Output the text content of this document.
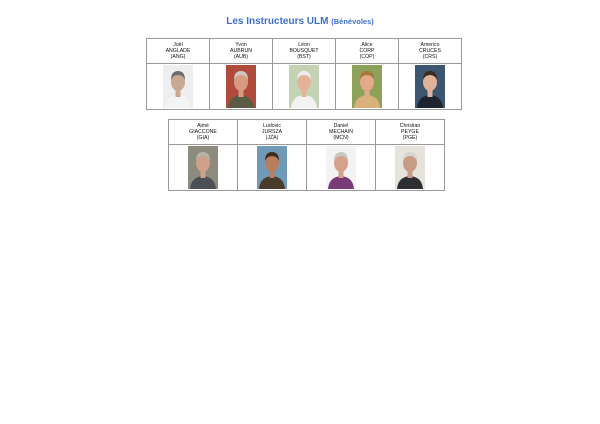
Les Instructeurs ULM (Bénévoles)
Joël
ANGLADE
(ANG)	Yvon
AUBRUN
(AUB)	Léon
BOUSQUET
(BST)	Alice
CORP
(COP)	Americo
CRUCES
(CRS)

Aimé
GIACCONE
(GIA)	Ludovic
JURSZA
(JZA)	Daniel
MECHAIN
(MCN)	Christian
PEYGE
(PGE)
